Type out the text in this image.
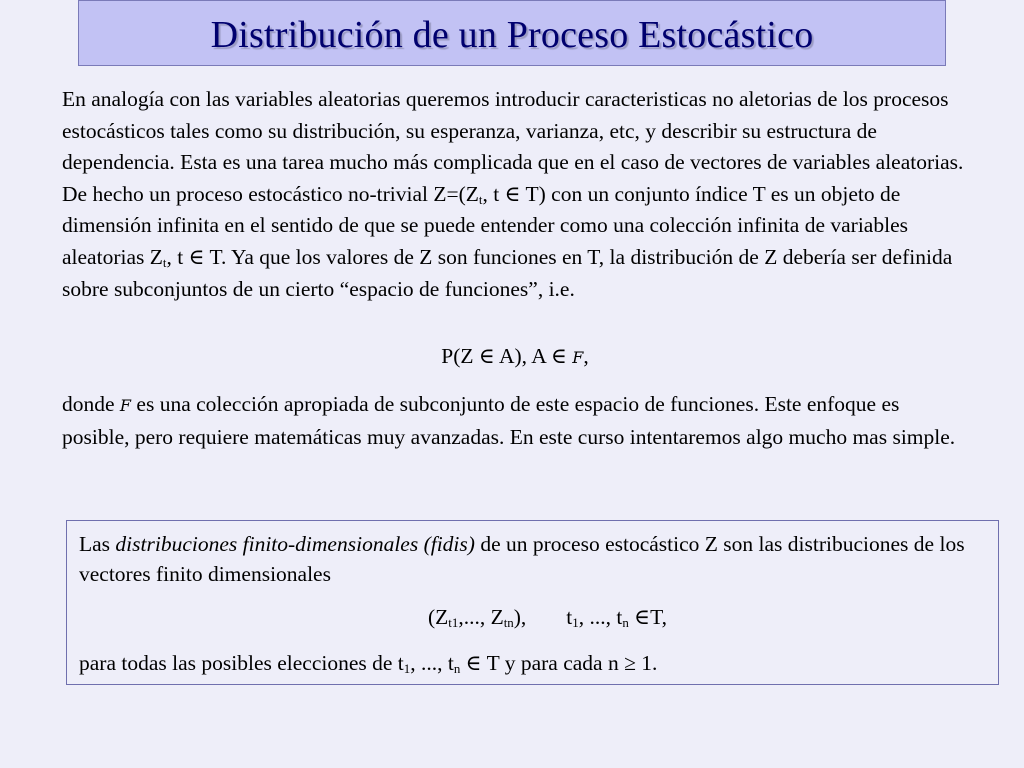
Distribución de un Proceso Estocástico

En analogía con las variables aleatorias queremos introducir caracteristicas no aletorias de los procesos estocásticos tales como su distribución, su esperanza, varianza, etc, y describir su estructura de dependencia. Esta es una tarea mucho más complicada que en el caso de vectores de variables aleatorias. De hecho un proceso estocástico no-trivial $Z=(Z_t$, t ∈ T) con un conjunto índice T es un objeto de dimensión infinita en el sentido de que se puede entender como una colección infinita de variables aleatorias $Z_t$, t ∈ T. Ya que los valores de Z son funciones en T, la distribución de Z debería ser definida sobre subconjuntos de un cierto “espacio de funciones”, i.e.

P(Z ∈ A), A ∈ F,

donde F es una colección apropiada de subconjunto de este espacio de funciones. Este enfoque es posible, pero requiere matemáticas muy avanzadas. En este curso intentaremos algo mucho mas simple.

Las distribuciones finito-dimensionales (fidis) de un proceso estocástico Z son las distribuciones de los vectores finito dimensionales

($Z_{t1}$,..., $Z_{tn}$), $t_1$, ..., $t_n$ ∈T,

para todas las posibles elecciones de $t_1$, ..., $t_n$ ∈ T y para cada n ≥ 1.
